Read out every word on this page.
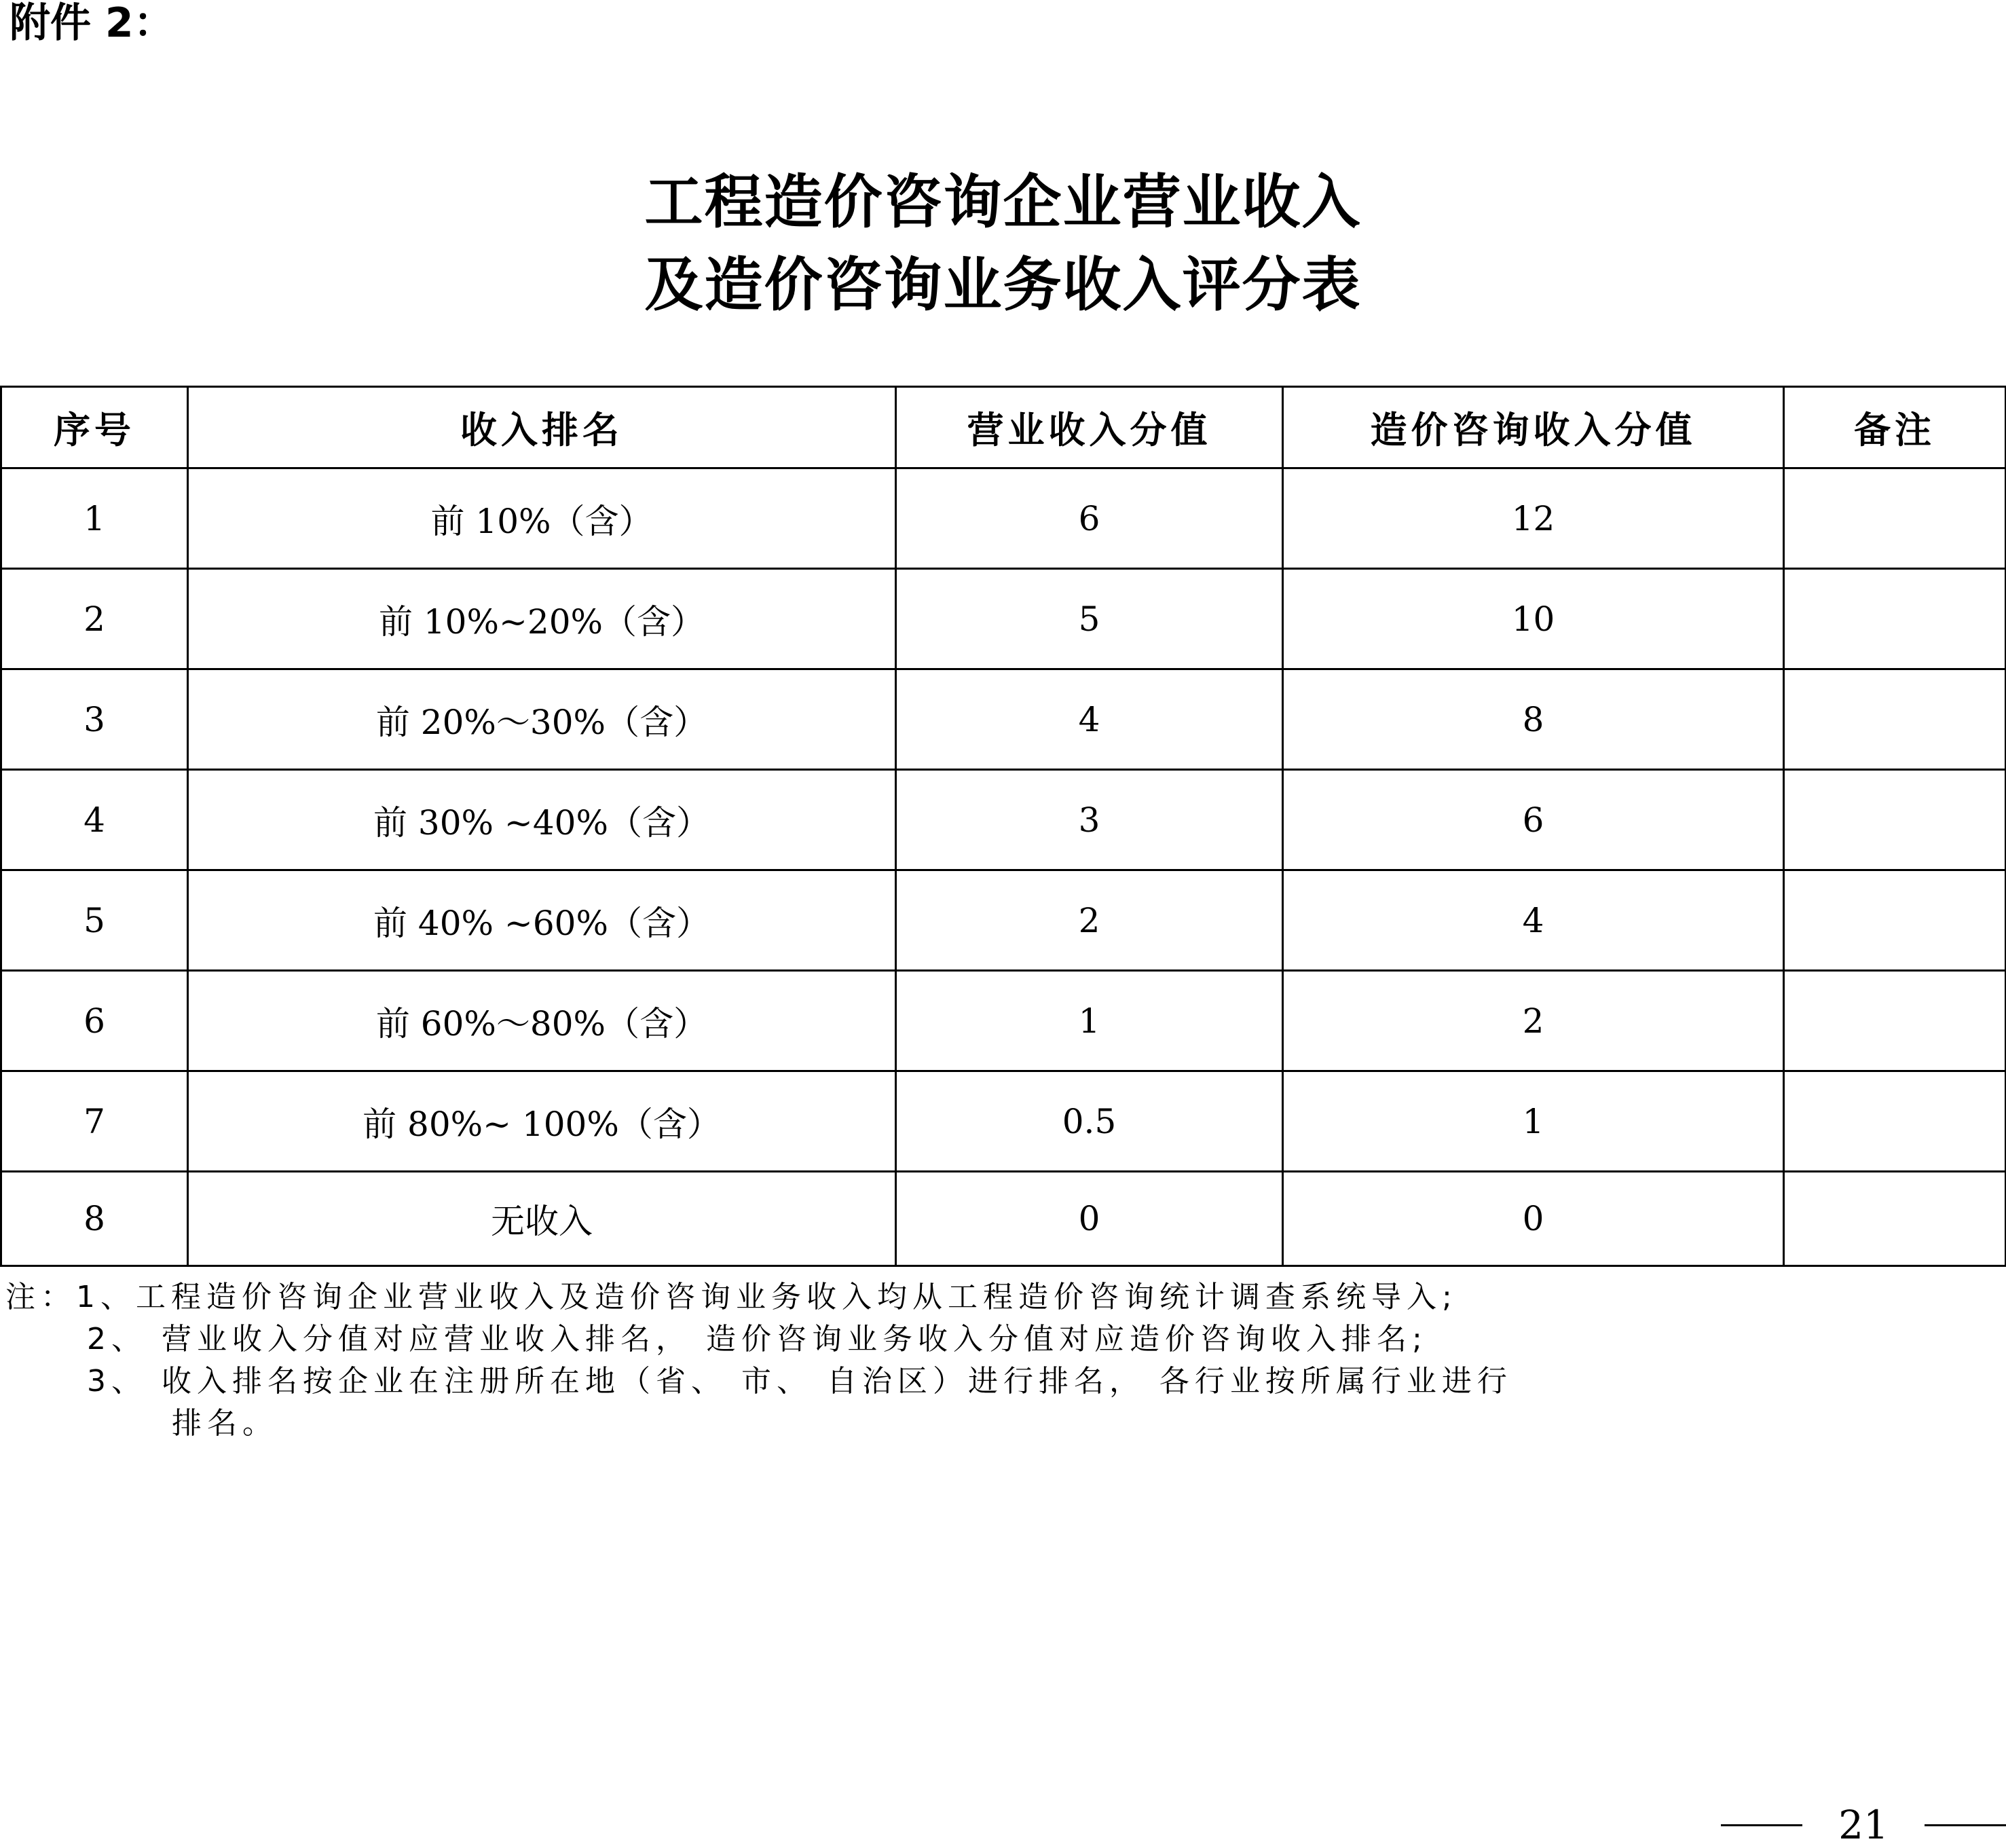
附件 2：
工程造价咨询企业营业收入
及造价咨询业务收入评分表
序号	收入排名	营业收入分值	造价咨询收入分值	备注
1	前 10%（含）	6	12	
2	前 10%~20%（含）	5	10	
3	前 20%～30%（含）	4	8	
4	前 30% ~40%（含）	3	6	
5	前 40% ~60%（含）	2	4	
6	前 60%～80%（含）	1	2	
7	前 80%~ 100%（含）	0.5	1	
8	无收入	0	0	
注：1、工程造价咨询企业营业收入及造价咨询业务收入均从工程造价咨询统计调查系统导入;
2、 营业收入分值对应营业收入排名， 造价咨询业务收入分值对应造价咨询收入排名;
3、 收入排名按企业在注册所在地（省、 市、 自治区）进行排名， 各行业按所属行业进行
排名。
21
